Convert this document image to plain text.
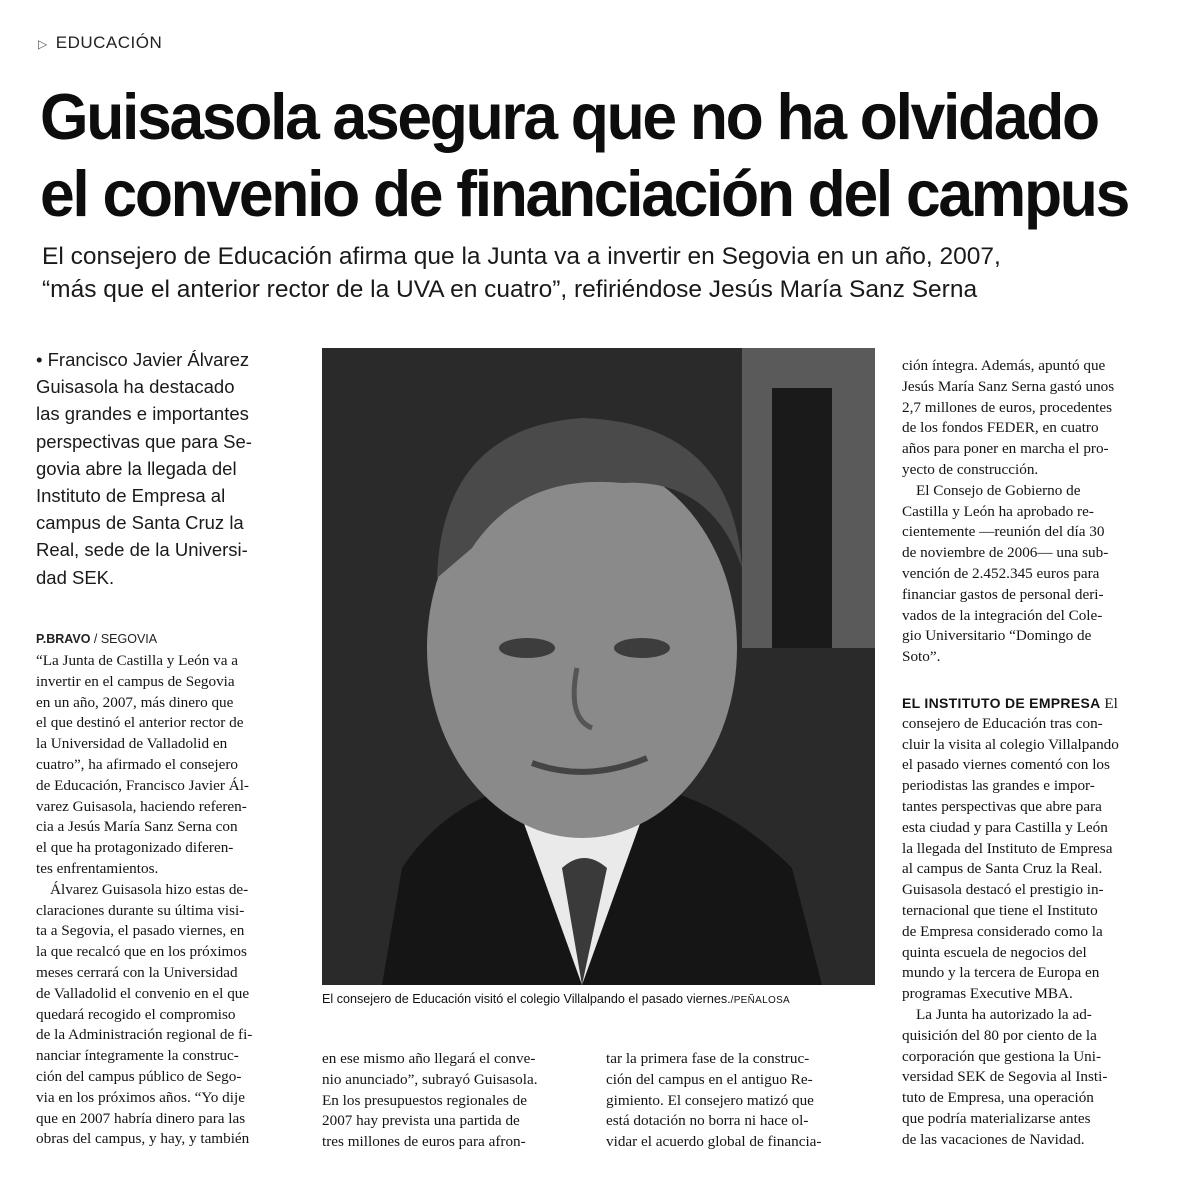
▷ EDUCACIÓN
Guisasola asegura que no ha olvidado
el convenio de financiación del campus
El consejero de Educación afirma que la Junta va a invertir en Segovia en un año, 2007,
“más que el anterior rector de la UVA en cuatro”, refiriéndose Jesús María Sanz Serna
• Francisco Javier Álvarez
Guisasola ha destacado
las grandes e importantes
perspectivas que para Se-
govia abre la llegada del
Instituto de Empresa al
campus de Santa Cruz la
Real, sede de la Universi-
dad SEK.
P.BRAVO / SEGOVIA
“La Junta de Castilla y León va a
invertir en el campus de Segovia
en un año, 2007, más dinero que
el que destinó el anterior rector de
la Universidad de Valladolid en
cuatro”, ha afirmado el consejero
de Educación, Francisco Javier Ál-
varez Guisasola, haciendo referen-
cia a Jesús María Sanz Serna con
el que ha protagonizado diferen-
tes enfrentamientos.
Álvarez Guisasola hizo estas de-
claraciones durante su última visi-
ta a Segovia, el pasado viernes, en
la que recalcó que en los próximos
meses cerrará con la Universidad
de Valladolid el convenio en el que
quedará recogido el compromiso
de la Administración regional de fi-
nanciar íntegramente la construc-
ción del campus público de Sego-
via en los próximos años. “Yo dije
que en 2007 habría dinero para las
obras del campus, y hay, y también
El consejero de Educación visitó el colegio Villalpando el pasado viernes./PEÑALOSA
en ese mismo año llegará el conve-
nio anunciado”, subrayó Guisasola.
En los presupuestos regionales de
2007 hay prevista una partida de
tres millones de euros para afron-
tar la primera fase de la construc-
ción del campus en el antiguo Re-
gimiento. El consejero matizó que
está dotación no borra ni hace ol-
vidar el acuerdo global de financia-
ción íntegra. Además, apuntó que
Jesús María Sanz Serna gastó unos
2,7 millones de euros, procedentes
de los fondos FEDER, en cuatro
años para poner en marcha el pro-
yecto de construcción.
El Consejo de Gobierno de
Castilla y León ha aprobado re-
cientemente —reunión del día 30
de noviembre de 2006— una sub-
vención de 2.452.345 euros para
financiar gastos de personal deri-
vados de la integración del Cole-
gio Universitario “Domingo de
Soto”.
EL INSTITUTO DE EMPRESA El
consejero de Educación tras con-
cluir la visita al colegio Villalpando
el pasado viernes comentó con los
periodistas las grandes e impor-
tantes perspectivas que abre para
esta ciudad y para Castilla y León
la llegada del Instituto de Empresa
al campus de Santa Cruz la Real.
Guisasola destacó el prestigio in-
ternacional que tiene el Instituto
de Empresa considerado como la
quinta escuela de negocios del
mundo y la tercera de Europa en
programas Executive MBA.
La Junta ha autorizado la ad-
quisición del 80 por ciento de la
corporación que gestiona la Uni-
versidad SEK de Segovia al Insti-
tuto de Empresa, una operación
que podría materializarse antes
de las vacaciones de Navidad.
